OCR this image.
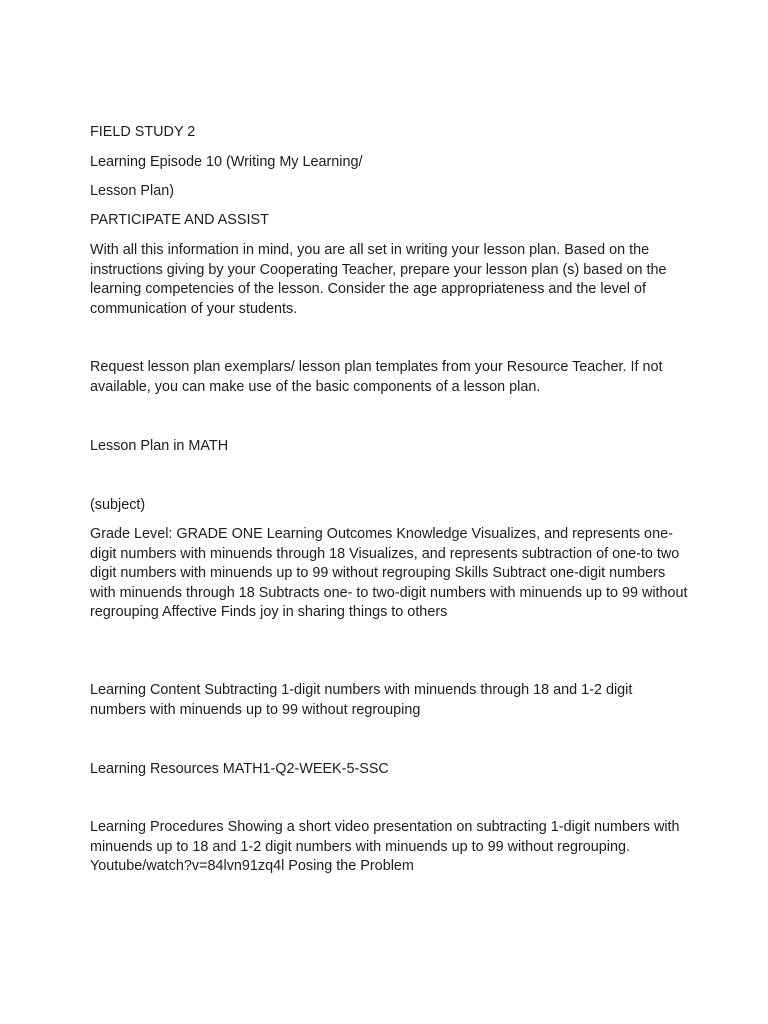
FIELD STUDY 2

Learning Episode 10 (Writing My Learning/

Lesson Plan)

PARTICIPATE AND ASSIST

With all this information in mind, you are all set in writing your lesson plan. Based on the instructions giving by your Cooperating Teacher, prepare your lesson plan (s) based on the learning competencies of the lesson. Consider the age appropriateness and the level of communication of your students.

Request lesson plan exemplars/ lesson plan templates from your Resource Teacher. If not available, you can make use of the basic components of a lesson plan.

Lesson Plan in MATH

(subject)

Grade Level: GRADE ONE Learning Outcomes Knowledge Visualizes, and represents one-digit numbers with minuends through 18 Visualizes, and represents subtraction of one-to two digit numbers with minuends up to 99 without regrouping Skills Subtract one-digit numbers with minuends through 18 Subtracts one- to two-digit numbers with minuends up to 99 without regrouping Affective Finds joy in sharing things to others

Learning Content Subtracting 1-digit numbers with minuends through 18 and 1-2 digit numbers with minuends up to 99 without regrouping

Learning Resources MATH1-Q2-WEEK-5-SSC

Learning Procedures Showing a short video presentation on subtracting 1-digit numbers with minuends up to 18 and 1-2 digit numbers with minuends up to 99 without regrouping. Youtube/watch?v=84lvn91zq4l Posing the Problem
